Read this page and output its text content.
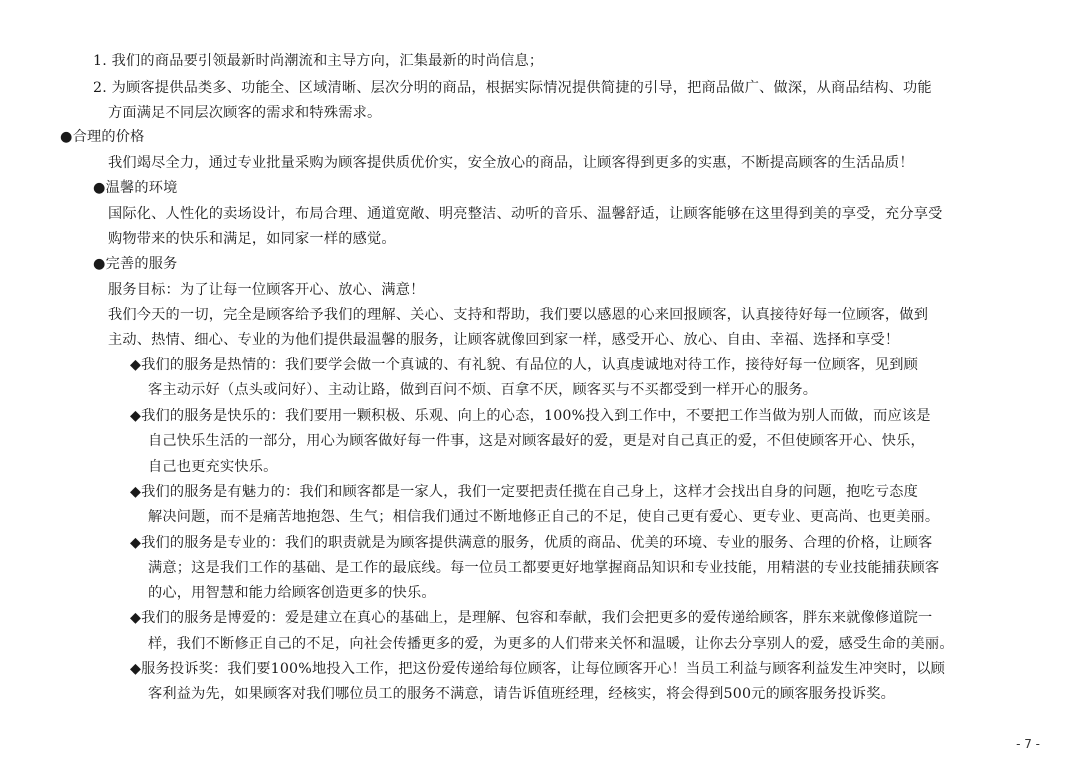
1. 我们的商品要引领最新时尚潮流和主导方向，汇集最新的时尚信息；
2. 为顾客提供品类多、功能全、区域清晰、层次分明的商品，根据实际情况提供简捷的引导，把商品做广、做深，从商品结构、功能
方面满足不同层次顾客的需求和特殊需求。
●合理的价格
我们竭尽全力，通过专业批量采购为顾客提供质优价实，安全放心的商品，让顾客得到更多的实惠，不断提高顾客的生活品质！
●温馨的环境
国际化、人性化的卖场设计，布局合理、通道宽敞、明亮整洁、动听的音乐、温馨舒适，让顾客能够在这里得到美的享受，充分享受
购物带来的快乐和满足，如同家一样的感觉。
●完善的服务
服务目标：为了让每一位顾客开心、放心、满意！
我们今天的一切，完全是顾客给予我们的理解、关心、支持和帮助，我们要以感恩的心来回报顾客，认真接待好每一位顾客，做到
主动、热情、细心、专业的为他们提供最温馨的服务，让顾客就像回到家一样，感受开心、放心、自由、幸福、选择和享受！
◆我们的服务是热情的：我们要学会做一个真诚的、有礼貌、有品位的人，认真虔诚地对待工作，接待好每一位顾客，见到顾
客主动示好（点头或问好）、主动让路，做到百问不烦、百拿不厌，顾客买与不买都受到一样开心的服务。
◆我们的服务是快乐的：我们要用一颗积极、乐观、向上的心态，100%投入到工作中，不要把工作当做为别人而做，而应该是
自己快乐生活的一部分，用心为顾客做好每一件事，这是对顾客最好的爱，更是对自己真正的爱，不但使顾客开心、快乐，
自己也更充实快乐。
◆我们的服务是有魅力的：我们和顾客都是一家人，我们一定要把责任揽在自己身上，这样才会找出自身的问题，抱吃亏态度
解决问题，而不是痛苦地抱怨、生气；相信我们通过不断地修正自己的不足，使自己更有爱心、更专业、更高尚、也更美丽。
◆我们的服务是专业的：我们的职责就是为顾客提供满意的服务，优质的商品、优美的环境、专业的服务、合理的价格，让顾客
满意；这是我们工作的基础、是工作的最底线。每一位员工都要更好地掌握商品知识和专业技能，用精湛的专业技能捕获顾客
的心，用智慧和能力给顾客创造更多的快乐。
◆我们的服务是博爱的：爱是建立在真心的基础上，是理解、包容和奉献，我们会把更多的爱传递给顾客，胖东来就像修道院一
样，我们不断修正自己的不足，向社会传播更多的爱，为更多的人们带来关怀和温暖，让你去分享别人的爱，感受生命的美丽。
◆服务投诉奖：我们要100%地投入工作，把这份爱传递给每位顾客，让每位顾客开心！当员工利益与顾客利益发生冲突时，以顾
客利益为先，如果顾客对我们哪位员工的服务不满意，请告诉值班经理，经核实，将会得到500元的顾客服务投诉奖。
- 7 -
